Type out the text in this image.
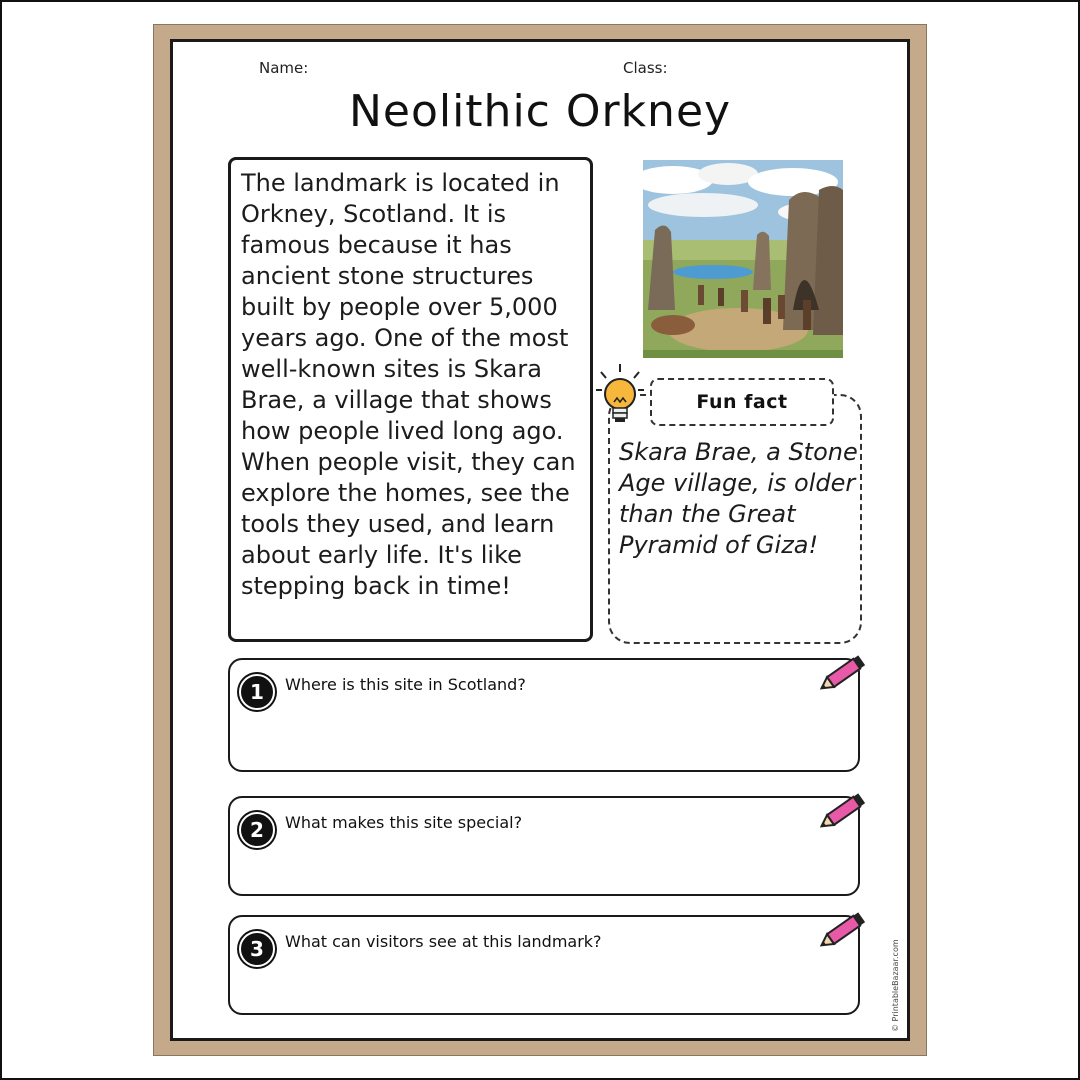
Name:	Class:
Neolithic Orkney
The landmark is located in Orkney, Scotland. It is famous because it has ancient stone structures built by people over 5,000 years ago. One of the most well-known sites is Skara Brae, a village that shows how people lived long ago. When people visit, they can explore the homes, see the tools they used, and learn about early life. It's like stepping back in time!
Fun fact
Skara Brae, a Stone Age village, is older than the Great Pyramid of Giza!
1	Where is this site in Scotland?
2	What makes this site special?
3	What can visitors see at this landmark?	© PrintableBazaar.com
